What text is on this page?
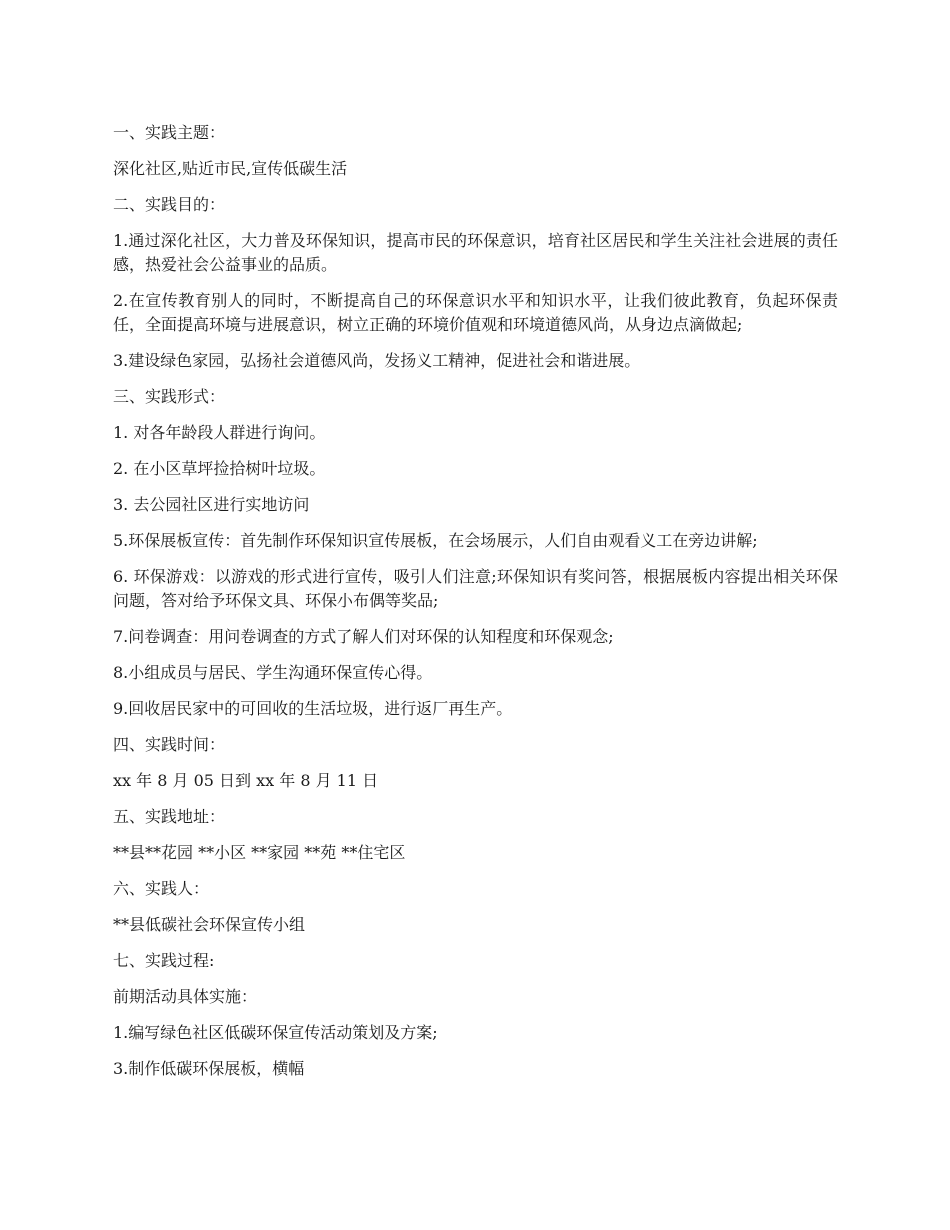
一、实践主题：

深化社区,贴近市民,宣传低碳生活

二、实践目的：

1.通过深化社区，大力普及环保知识，提高市民的环保意识，培育社区居民和学生关注社会进展的责任感，热爱社会公益事业的品质。

2.在宣传教育别人的同时，不断提高自己的环保意识水平和知识水平，让我们彼此教育，负起环保责任，全面提高环境与进展意识，树立正确的环境价值观和环境道德风尚，从身边点滴做起;

3.建设绿色家园，弘扬社会道德风尚，发扬义工精神，促进社会和谐进展。

三、实践形式：

1. 对各年龄段人群进行询问。

2. 在小区草坪捡拾树叶垃圾。

3. 去公园社区进行实地访问

5.环保展板宣传：首先制作环保知识宣传展板，在会场展示，人们自由观看义工在旁边讲解;

6. 环保游戏：以游戏的形式进行宣传，吸引人们注意;环保知识有奖问答，根据展板内容提出相关环保问题，答对给予环保文具、环保小布偶等奖品;

7.问卷调查：用问卷调查的方式了解人们对环保的认知程度和环保观念;

8.小组成员与居民、学生沟通环保宣传心得。

9.回收居民家中的可回收的生活垃圾，进行返厂再生产。

四、实践时间：

xx 年 8 月 05 日到 xx 年 8 月 11 日

五、实践地址：

**县**花园 **小区 **家园 **苑 **住宅区

六、实践人：

**县低碳社会环保宣传小组

七、实践过程:

前期活动具体实施：

1.编写绿色社区低碳环保宣传活动策划及方案;

3.制作低碳环保展板，横幅
